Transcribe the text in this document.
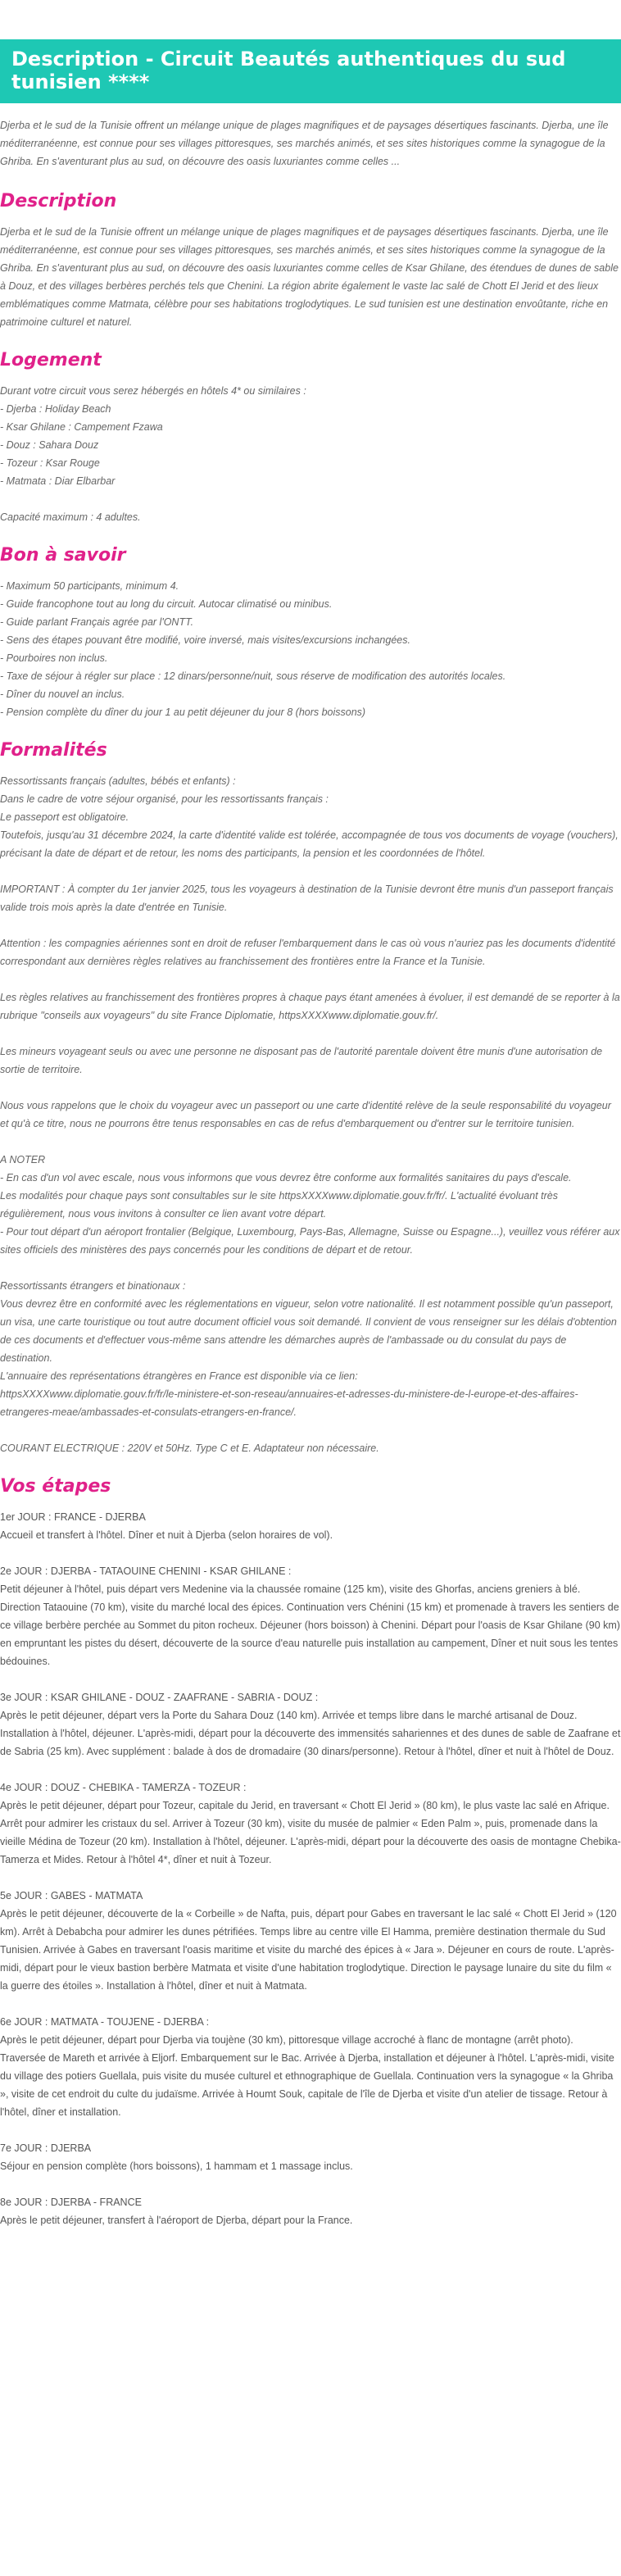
Description - Circuit Beautés authentiques du sud tunisien ****
Djerba et le sud de la Tunisie offrent un mélange unique de plages magnifiques et de paysages désertiques fascinants. Djerba, une île méditerranéenne, est connue pour ses villages pittoresques, ses marchés animés, et ses sites historiques comme la synagogue de la Ghriba. En s'aventurant plus au sud, on découvre des oasis luxuriantes comme celles ...
Description

Djerba et le sud de la Tunisie offrent un mélange unique de plages magnifiques et de paysages désertiques fascinants. Djerba, une île méditerranéenne, est connue pour ses villages pittoresques, ses marchés animés, et ses sites historiques comme la synagogue de la Ghriba. En s'aventurant plus au sud, on découvre des oasis luxuriantes comme celles de Ksar Ghilane, des étendues de dunes de sable à Douz, et des villages berbères perchés tels que Chenini. La région abrite également le vaste lac salé de Chott El Jerid et des lieux emblématiques comme Matmata, célèbre pour ses habitations troglodytiques. Le sud tunisien est une destination envoûtante, riche en patrimoine culturel et naturel.

Logement
Durant votre circuit vous serez hébergés en hôtels 4* ou similaires :
- Djerba : Holiday Beach
- Ksar Ghilane : Campement Fzawa
- Douz : Sahara Douz
- Tozeur : Ksar Rouge
- Matmata : Diar Elbarbar
Capacité maximum : 4 adultes.
Bon à savoir
- Maximum 50 participants, minimum 4.
- Guide francophone tout au long du circuit. Autocar climatisé ou minibus.
- Guide parlant Français agrée par l'ONTT.
- Sens des étapes pouvant être modifié, voire inversé, mais visites/excursions inchangées.
- Pourboires non inclus.
- Taxe de séjour à régler sur place : 12 dinars/personne/nuit, sous réserve de modification des autorités locales.
- Dîner du nouvel an inclus.
- Pension complète du dîner du jour 1 au petit déjeuner du jour 8 (hors boissons)
Formalités

Ressortissants français (adultes, bébés et enfants) :
Dans le cadre de votre séjour organisé, pour les ressortissants français :
Le passeport est obligatoire.
Toutefois, jusqu'au 31 décembre 2024, la carte d'identité valide est tolérée, accompagnée de tous vos documents de voyage (vouchers), précisant la date de départ et de retour, les noms des participants, la pension et les coordonnées de l'hôtel.

IMPORTANT : À compter du 1er janvier 2025, tous les voyageurs à destination de la Tunisie devront être munis d'un passeport français valide trois mois après la date d'entrée en Tunisie.

Attention : les compagnies aériennes sont en droit de refuser l'embarquement dans le cas où vous n'auriez pas les documents d'identité correspondant aux dernières règles relatives au franchissement des frontières entre la France et la Tunisie.

Les règles relatives au franchissement des frontières propres à chaque pays étant amenées à évoluer, il est demandé de se reporter à la rubrique "conseils aux voyageurs" du site France Diplomatie, httpsXXXXwww.diplomatie.gouv.fr/.

Les mineurs voyageant seuls ou avec une personne ne disposant pas de l'autorité parentale doivent être munis d'une autorisation de sortie de territoire.

Nous vous rappelons que le choix du voyageur avec un passeport ou une carte d'identité relève de la seule responsabilité du voyageur et qu'à ce titre, nous ne pourrons être tenus responsables en cas de refus d'embarquement ou d'entrer sur le territoire tunisien.

A NOTER
- En cas d'un vol avec escale, nous vous informons que vous devrez être conforme aux formalités sanitaires du pays d'escale.
Les modalités pour chaque pays sont consultables sur le site httpsXXXXwww.diplomatie.gouv.fr/fr/. L'actualité évoluant très régulièrement, nous vous invitons à consulter ce lien avant votre départ.
- Pour tout départ d'un aéroport frontalier (Belgique, Luxembourg, Pays-Bas, Allemagne, Suisse ou Espagne...), veuillez vous référer aux sites officiels des ministères des pays concernés pour les conditions de départ et de retour.

Ressortissants étrangers et binationaux :
Vous devrez être en conformité avec les réglementations en vigueur, selon votre nationalité. Il est notamment possible qu'un passeport, un visa, une carte touristique ou tout autre document officiel vous soit demandé. Il convient de vous renseigner sur les délais d'obtention de ces documents et d'effectuer vous-même sans attendre les démarches auprès de l'ambassade ou du consulat du pays de destination.
L'annuaire des représentations étrangères en France est disponible via ce lien:
httpsXXXXwww.diplomatie.gouv.fr/fr/le-ministere-et-son-reseau/annuaires-et-adresses-du-ministere-de-l-europe-et-des-affaires-etrangeres-meae/ambassades-et-consulats-etrangers-en-france/.

COURANT ELECTRIQUE : 220V et 50Hz. Type C et E. Adaptateur non nécessaire.

Vos étapes
1er JOUR : FRANCE - DJERBA
Accueil et transfert à l'hôtel. Dîner et nuit à Djerba (selon horaires de vol).
2e JOUR : DJERBA - TATAOUINE CHENINI - KSAR GHILANE :
Petit déjeuner à l'hôtel, puis départ vers Medenine via la chaussée romaine (125 km), visite des Ghorfas, anciens greniers à blé. Direction Tataouine (70 km), visite du marché local des épices. Continuation vers Chénini (15 km) et promenade à travers les sentiers de ce village berbère perchée au Sommet du piton rocheux. Déjeuner (hors boisson) à Chenini. Départ pour l'oasis de Ksar Ghilane (90 km) en empruntant les pistes du désert, découverte de la source d'eau naturelle puis installation au campement, Dîner et nuit sous les tentes bédouines.
3e JOUR : KSAR GHILANE - DOUZ - ZAAFRANE - SABRIA - DOUZ :
Après le petit déjeuner, départ vers la Porte du Sahara Douz (140 km). Arrivée et temps libre dans le marché artisanal de Douz. Installation à l'hôtel, déjeuner. L'après-midi, départ pour la découverte des immensités sahariennes et des dunes de sable de Zaafrane et de Sabria (25 km). Avec supplément : balade à dos de dromadaire (30 dinars/personne). Retour à l'hôtel, dîner et nuit à l'hôtel de Douz.
4e JOUR : DOUZ - CHEBIKA - TAMERZA - TOZEUR :
Après le petit déjeuner, départ pour Tozeur, capitale du Jerid, en traversant « Chott El Jerid » (80 km), le plus vaste lac salé en Afrique. Arrêt pour admirer les cristaux du sel. Arriver à Tozeur (30 km), visite du musée de palmier « Eden Palm », puis, promenade dans la vieille Médina de Tozeur (20 km). Installation à l'hôtel, déjeuner. L'après-midi, départ pour la découverte des oasis de montagne Chebika-Tamerza et Mides. Retour à l'hôtel 4*, dîner et nuit à Tozeur.
5e JOUR : GABES - MATMATA
Après le petit déjeuner, découverte de la « Corbeille » de Nafta, puis, départ pour Gabes en traversant le lac salé « Chott El Jerid » (120 km). Arrêt à Debabcha pour admirer les dunes pétrifiées. Temps libre au centre ville El Hamma, première destination thermale du Sud Tunisien. Arrivée à Gabes en traversant l'oasis maritime et visite du marché des épices à « Jara ». Déjeuner en cours de route. L'après-midi, départ pour le vieux bastion berbère Matmata et visite d'une habitation troglodytique. Direction le paysage lunaire du site du film « la guerre des étoiles ». Installation à l'hôtel, dîner et nuit à Matmata.
6e JOUR : MATMATA - TOUJENE - DJERBA :
Après le petit déjeuner, départ pour Djerba via toujène (30 km), pittoresque village accroché à flanc de montagne (arrêt photo). Traversée de Mareth et arrivée à Eljorf. Embarquement sur le Bac. Arrivée à Djerba, installation et déjeuner à l'hôtel. L'après-midi, visite du village des potiers Guellala, puis visite du musée culturel et ethnographique de Guellala. Continuation vers la synagogue « la Ghriba », visite de cet endroit du culte du judaïsme. Arrivée à Houmt Souk, capitale de l'île de Djerba et visite d'un atelier de tissage. Retour à l'hôtel, dîner et installation.
7e JOUR : DJERBA
Séjour en pension complète (hors boissons), 1 hammam et 1 massage inclus.
8e JOUR : DJERBA - FRANCE
Après le petit déjeuner, transfert à l'aéroport de Djerba, départ pour la France.
